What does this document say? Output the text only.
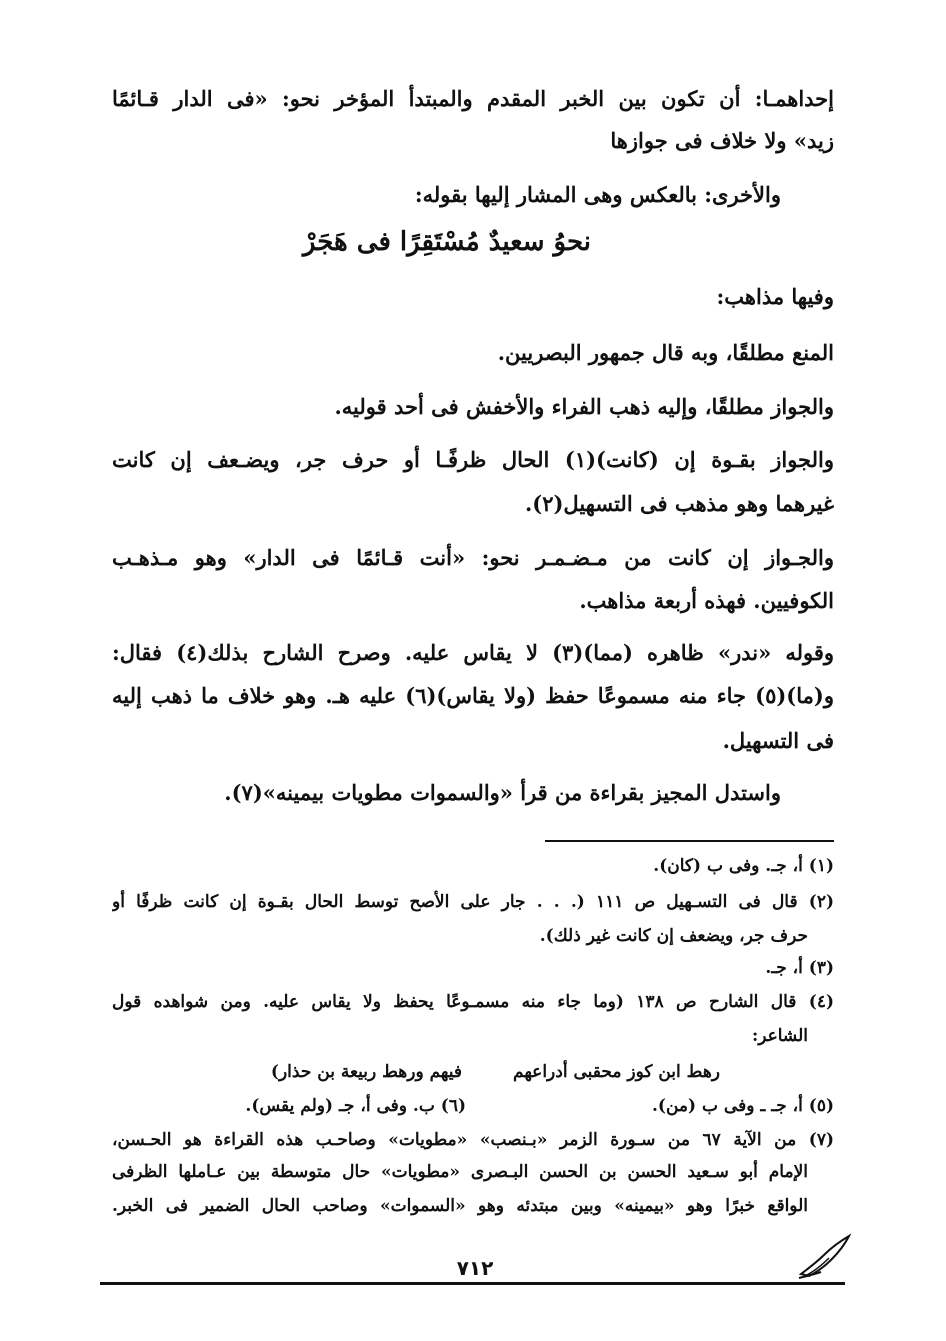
إحداهمـا: أن تكون بين الخبر المقدم والمبتدأ المؤخر نحو: «فى الدار قـائمًا
زيد» ولا خلاف فى جوازها
والأخرى: بالعكس وهى المشار إليها بقوله:
نحوُ سعيدٌ مُسْتَقِرًا فى هَجَرْ
وفيها مذاهب:
المنع مطلقًا، وبه قال جمهور البصريين.
والجواز مطلقًا، وإليه ذهب الفراء والأخفش فى أحد قوليه.
والجواز بقـوة إن (كانت)(١) الحال ظرفًـا أو حرف جر، ويضـعف إن كانت
غيرهما وهو مذهب فى التسهيل(٢).
والجـواز إن كانت من مـضـمـر نحو: «أنت قـائمًا فى الدار» وهو مـذهـب
الكوفيين. فهذه أربعة مذاهب.
وقوله «ندر» ظاهره (مما)(٣) لا يقاس عليه. وصرح الشارح بذلك(٤) فقال:
و(ما)(٥) جاء منه مسموعًا حفظ (ولا يقاس)(٦) عليه هـ. وهو خلاف ما ذهب إليه
فى التسهيل.
واستدل المجيز بقراءة من قرأ «والسموات مطويات بيمينه»(٧).
(١) أ، جـ. وفى ب (كان).
(٢) قال فى التسـهيل ص ١١١ (. . . جار على الأصح توسط الحال بقـوة إن كانت ظرفًا أو
حرف جر، ويضعف إن كانت غير ذلك).
(٣) أ، جـ.
(٤) قال الشارح ص ١٣٨ (وما جاء منه مسمـوعًا يحفظ ولا يقاس عليه. ومن شواهده قول
الشاعر:
رهط ابن كوز محقبى أدراعهم
فيهم ورهط ربيعة بن حذار)
(٥) أ، جـ ـ وفى ب (من).
(٦) ب. وفى أ، جـ (ولم يقس).
(٧) من الآية ٦٧ من سـورة الزمر «بـنصب» «مطويات» وصاحـب هذه القراءة هو الحـسن،
الإمام أبو سـعيد الحسن بن الحسن البـصرى «مطويات» حال متوسطة بين عـاملها الظرفى
الواقع خبرًا وهو «بيمينه» وبين مبتدئه وهو «السموات» وصاحب الحال الضمير فى الخبر.
٧١٢
